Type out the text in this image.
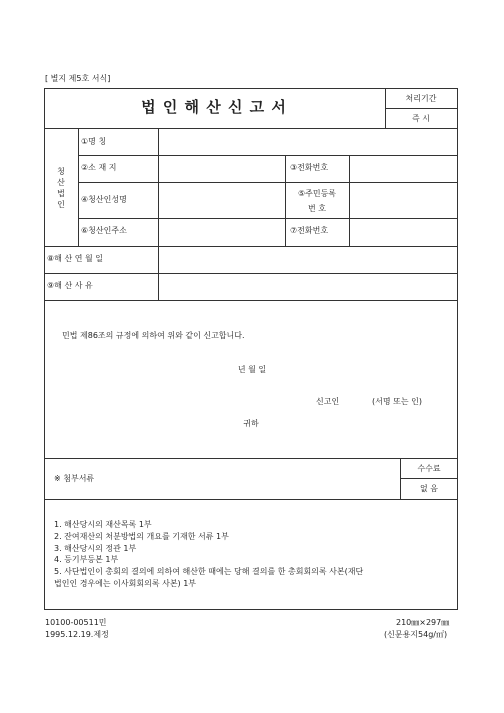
[ 별지 제5호 서식]
법 인 해 산 신 고 서	처리기간
즉 시
청
산
법
인
①명 칭
②소 재 지	③전화번호
④청산인성명
⑤주민등록
번 호
⑥청산인주소	⑦전화번호
⑧해 산 연 월 일
⑨해 산 사 유
민법 제86조의 규정에 의하여 위와 같이 신고합니다.
년 월 일
신고인	(서명 또는 인)
귀하
※ 첨부서류
수수료
없 음
1. 해산당시의 재산목록 1부
2. 잔여재산의 처분방법의 개요를 기재한 서류 1부
3. 해산당시의 정관 1부
4. 등기부등본 1부
5. 사단법인이 총회의 결의에 의하여 해산한 때에는 당해 결의를 한 총회회의록 사본(재단
법인인 경우에는 이사회회의록 사본) 1부
10100-00511민
1995.12.19.제정
210㎜×297㎜
(신문용지54g/㎡)
